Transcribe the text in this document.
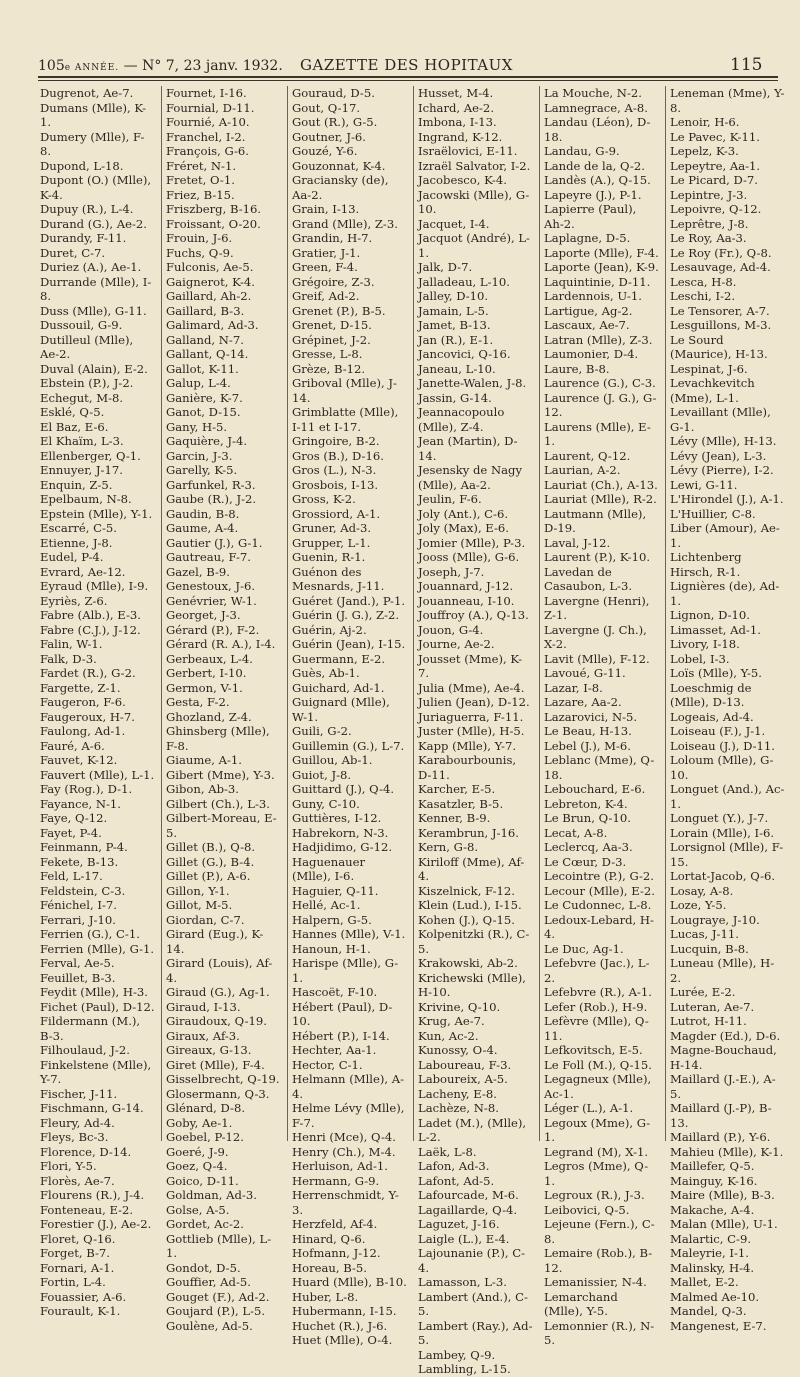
105e ANNÉE. — N° 7, 23 janv. 1932. GAZETTE DES HOPITAUX	115
Dugrenot, Ae-7.
Dumans (Mlle), K-1.
Dumery (Mlle), F-8.
Dupond, L-18.
Dupont (O.) (Mlle), K-4.
Dupuy (R.), L-4.
Durand (G.), Ae-2.
Durandy, F-11.
Duret, C-7.
Duriez (A.), Ae-1.
Durrande (Mlle), I-8.
Duss (Mlle), G-11.
Dussouil, G-9.
Dutilleul (Mlle), Ae-2.
Duval (Alain), E-2.
Ebstein (P.), J-2.
Echegut, M-8.
Esklé, Q-5.
El Baz, E-6.
El Khaïm, L-3.
Ellenberger, Q-1.
Ennuyer, J-17.
Enquin, Z-5.
Epelbaum, N-8.
Epstein (Mlle), Y-1.
Escarré, C-5.
Etienne, J-8.
Eudel, P-4.
Evrard, Ae-12.
Eyraud (Mlle), I-9.
Eyriès, Z-6.
Fabre (Alb.), E-3.
Fabre (C.J.), J-12.
Falin, W-1.
Falk, D-3.
Fardet (R.), G-2.
Fargette, Z-1.
Faugeron, F-6.
Faugeroux, H-7.
Faulong, Ad-1.
Fauré, A-6.
Fauvet, K-12.
Fauvert (Mlle), L-1.
Fay (Rog.), D-1.
Fayance, N-1.
Faye, Q-12.
Fayet, P-4.
Feinmann, P-4.
Fekete, B-13.
Feld, L-17.
Feldstein, C-3.
Fénichel, I-7.
Ferrari, J-10.
Ferrien (G.), C-1.
Ferrien (Mlle), G-1.
Ferval, Ae-5.
Feuillet, B-3.
Feydit (Mlle), H-3.
Fichet (Paul), D-12.
Fildermann (M.), B-3.
Filhoulaud, J-2.
Finkelstene (Mlle), Y-7.
Fischer, J-11.
Fischmann, G-14.
Fleury, Ad-4.
Fleys, Bc-3.
Florence, D-14.
Flori, Y-5.
Florès, Ae-7.
Flourens (R.), J-4.
Fonteneau, E-2.
Forestier (J.), Ae-2.
Floret, Q-16.
Forget, B-7.
Fornari, A-1.
Fortin, L-4.
Fouassier, A-6.
Fourault, K-1.
Fournet, I-16.
Fournial, D-11.
Fournié, A-10.
Franchel, I-2.
François, G-6.
Fréret, N-1.
Fretet, O-1.
Friez, B-15.
Friszberg, B-16.
Froissant, O-20.
Frouin, J-6.
Fuchs, Q-9.
Fulconis, Ae-5.
Gaignerot, K-4.
Gaillard, Ah-2.
Gaillard, B-3.
Galimard, Ad-3.
Galland, N-7.
Gallant, Q-14.
Gallot, K-11.
Galup, L-4.
Ganière, K-7.
Ganot, D-15.
Gany, H-5.
Gaquière, J-4.
Garcin, J-3.
Garelly, K-5.
Garfunkel, R-3.
Gaube (R.), J-2.
Gaudin, B-8.
Gaume, A-4.
Gautier (J.), G-1.
Gautreau, F-7.
Gazel, B-9.
Genestoux, J-6.
Genévrier, W-1.
Georget, J-3.
Gérard (P.), F-2.
Gérard (R. A.), I-4.
Gerbeaux, L-4.
Gerbert, I-10.
Germon, V-1.
Gesta, F-2.
Ghozland, Z-4.
Ghinsberg (Mlle), F-8.
Giaume, A-1.
Gibert (Mme), Y-3.
Gibon, Ab-3.
Gilbert (Ch.), L-3.
Gilbert-Moreau, E-5.
Gillet (B.), Q-8.
Gillet (G.), B-4.
Gillet (P.), A-6.
Gillon, Y-1.
Gillot, M-5.
Giordan, C-7.
Girard (Eug.), K-14.
Girard (Louis), Af-4.
Giraud (G.), Ag-1.
Giraud, I-13.
Giraudoux, Q-19.
Giraux, Af-3.
Gireaux, G-13.
Giret (Mlle), F-4.
Gisselbrecht, Q-19.
Glosermann, Q-3.
Glénard, D-8.
Goby, Ae-1.
Goebel, P-12.
Goeré, J-9.
Goez, Q-4.
Goico, D-11.
Goldman, Ad-3.
Golse, A-5.
Gordet, Ac-2.
Gottlieb (Mlle), L-1.
Gondot, D-5.
Gouffier, Ad-5.
Gouget (F.), Ad-2.
Goujard (P.), L-5.
Goulène, Ad-5.
Gouraud, D-5.
Gout, Q-17.
Gout (R.), G-5.
Goutner, J-6.
Gouzé, Y-6.
Gouzonnat, K-4.
Graciansky (de), Aa-2.
Grain, I-13.
Grand (Mlle), Z-3.
Grandin, H-7.
Gratier, J-1.
Green, F-4.
Grégoire, Z-3.
Greif, Ad-2.
Grenet (P.), B-5.
Grenet, D-15.
Grépinet, J-2.
Gresse, L-8.
Grèze, B-12.
Griboval (Mlle), J-14.
Grimblatte (Mlle), I-11 et I-17.
Gringoire, B-2.
Gros (B.), D-16.
Gros (L.), N-3.
Grosbois, I-13.
Gross, K-2.
Grossiord, A-1.
Gruner, Ad-3.
Grupper, L-1.
Guenin, R-1.
Guénon des Mesnards, J-11.
Guéret (Jand.), P-1.
Guérin (J. G.), Z-2.
Guérin, Aj-2.
Guérin (Jean), I-15.
Guermann, E-2.
Guès, Ab-1.
Guichard, Ad-1.
Guignard (Mlle), W-1.
Guili, G-2.
Guillemin (G.), L-7.
Guillou, Ab-1.
Guiot, J-8.
Guittard (J.), Q-4.
Guny, C-10.
Guttières, I-12.
Habrekorn, N-3.
Hadjidimo, G-12.
Haguenauer (Mlle), I-6.
Haguier, Q-11.
Hellé, Ac-1.
Halpern, G-5.
Hannes (Mlle), V-1.
Hanoun, H-1.
Harispe (Mlle), G-1.
Hascoët, F-10.
Hébert (Paul), D-10.
Hébert (P.), I-14.
Hechter, Aa-1.
Hector, C-1.
Helmann (Mlle), A-4.
Helme Lévy (Mlle), F-7.
Henri (Mce), Q-4.
Henry (Ch.), M-4.
Herluison, Ad-1.
Hermann, G-9.
Herrenschmidt, Y-3.
Herzfeld, Af-4.
Hinard, Q-6.
Hofmann, J-12.
Horeau, B-5.
Huard (Mlle), B-10.
Huber, L-8.
Hubermann, I-15.
Huchet (R.), J-6.
Huet (Mlle), O-4.
Husset, M-4.
Ichard, Ae-2.
Imbona, I-13.
Ingrand, K-12.
Israëlovici, E-11.
Izraël Salvator, I-2.
Jacobesco, K-4.
Jacowski (Mlle), G-10.
Jacquet, I-4.
Jacquot (André), L-1.
Jalk, D-7.
Jalladeau, L-10.
Jalley, D-10.
Jamain, L-5.
Jamet, B-13.
Jan (R.), E-1.
Jancovici, Q-16.
Janeau, L-10.
Janette-Walen, J-8.
Jassin, G-14.
Jeannacopoulo (Mlle), Z-4.
Jean (Martin), D-14.
Jesensky de Nagy (Mlle), Aa-2.
Jeulin, F-6.
Joly (Ant.), C-6.
Joly (Max), E-6.
Jomier (Mlle), P-3.
Jooss (Mlle), G-6.
Joseph, J-7.
Jouannard, J-12.
Jouanneau, I-10.
Jouffroy (A.), Q-13.
Jouon, G-4.
Journe, Ae-2.
Jousset (Mme), K-7.
Julia (Mme), Ae-4.
Julien (Jean), D-12.
Juriaguerra, F-11.
Juster (Mlle), H-5.
Kapp (Mlle), Y-7.
Karabourbounis, D-11.
Karcher, E-5.
Kasatzler, B-5.
Kenner, B-9.
Kerambrun, J-16.
Kern, G-8.
Kiriloff (Mme), Af-4.
Kiszelnick, F-12.
Klein (Lud.), I-15.
Kohen (J.), Q-15.
Kolpenitzki (R.), C-5.
Krakowski, Ab-2.
Krichewski (Mlle), H-10.
Krivine, Q-10.
Krug, Ae-7.
Kun, Ac-2.
Kunossy, O-4.
Laboureau, F-3.
Laboureix, A-5.
Lacheny, E-8.
Lachèze, N-8.
Ladet (M.), (Mlle), L-2.
Laëk, L-8.
Lafon, Ad-3.
Lafont, Ad-5.
Lafourcade, M-6.
Lagaillarde, Q-4.
Laguzet, J-16.
Laigle (L.), E-4.
Lajounanie (P.), C-4.
Lamasson, L-3.
Lambert (And.), C-5.
Lambert (Ray.), Ad-5.
Lambey, Q-9.
Lambling, L-15.
La Mouche, N-2.
Lamnegrace, A-8.
Landau (Léon), D-18.
Landau, G-9.
Lande de la, Q-2.
Landès (A.), Q-15.
Lapeyre (J.), P-1.
Lapierre (Paul), Ah-2.
Laplagne, D-5.
Laporte (Mlle), F-4.
Laporte (Jean), K-9.
Laquintinie, D-11.
Lardennois, U-1.
Lartigue, Ag-2.
Lascaux, Ae-7.
Latran (Mlle), Z-3.
Laumonier, D-4.
Laure, B-8.
Laurence (G.), C-3.
Laurence (J. G.), G-12.
Laurens (Mlle), E-1.
Laurent, Q-12.
Laurian, A-2.
Lauriat (Ch.), A-13.
Lauriat (Mlle), R-2.
Lautmann (Mlle), D-19.
Laval, J-12.
Laurent (P.), K-10.
Lavedan de Casaubon, L-3.
Lavergne (Henri), Z-1.
Lavergne (J. Ch.), X-2.
Lavit (Mlle), F-12.
Lavoué, G-11.
Lazar, I-8.
Lazare, Aa-2.
Lazarovici, N-5.
Le Beau, H-13.
Lebel (J.), M-6.
Leblanc (Mme), Q-18.
Lebouchard, E-6.
Lebreton, K-4.
Le Brun, Q-10.
Lecat, A-8.
Leclercq, Aa-3.
Le Cœur, D-3.
Lecointre (P.), G-2.
Lecour (Mlle), E-2.
Le Cudonnec, L-8.
Ledoux-Lebard, H-4.
Le Duc, Ag-1.
Lefebvre (Jac.), L-2.
Lefebvre (R.), A-1.
Lefer (Rob.), H-9.
Lefèvre (Mlle), Q-11.
Lefkovitsch, E-5.
Le Foll (M.), Q-15.
Legagneux (Mlle), Ac-1.
Léger (L.), A-1.
Legoux (Mme), G-1.
Legrand (M), X-1.
Legros (Mme), Q-1.
Legroux (R.), J-3.
Leibovici, Q-5.
Lejeune (Fern.), C-8.
Lemaire (Rob.), B-12.
Lemanissier, N-4.
Lemarchand (Mlle), Y-5.
Lemonnier (R.), N-5.
Leneman (Mme), Y-8.
Lenoir, H-6.
Le Pavec, K-11.
Lepelz, K-3.
Lepeytre, Aa-1.
Le Picard, D-7.
Lepintre, J-3.
Lepoivre, Q-12.
Leprêtre, J-8.
Le Roy, Aa-3.
Le Roy (Fr.), Q-8.
Lesauvage, Ad-4.
Lesca, H-8.
Leschi, I-2.
Le Tensorer, A-7.
Lesguillons, M-3.
Le Sourd (Maurice), H-13.
Lespinat, J-6.
Levachkevitch (Mme), L-1.
Levaillant (Mlle), G-1.
Lévy (Mlle), H-13.
Lévy (Jean), L-3.
Lévy (Pierre), I-2.
Lewi, G-11.
L'Hirondel (J.), A-1.
L'Huillier, C-8.
Liber (Amour), Ae-1.
Lichtenberg Hirsch, R-1.
Lignières (de), Ad-1.
Lignon, D-10.
Limasset, Ad-1.
Livory, I-18.
Lobel, I-3.
Loïs (Mlle), Y-5.
Loeschmig de (Mlle), D-13.
Logeais, Ad-4.
Loiseau (F.), J-1.
Loiseau (J.), D-11.
Loloum (Mlle), G-10.
Longuet (And.), Ac-1.
Longuet (Y.), J-7.
Lorain (Mlle), I-6.
Lorsignol (Mlle), F-15.
Lortat-Jacob, Q-6.
Losay, A-8.
Loze, Y-5.
Lougraye, J-10.
Lucas, J-11.
Lucquin, B-8.
Luneau (Mlle), H-2.
Lurée, E-2.
Luteran, Ae-7.
Lutrot, H-11.
Magder (Ed.), D-6.
Magne-Bouchaud, H-14.
Maillard (J.-E.), A-5.
Maillard (J.-P), B-13.
Maillard (P.), Y-6.
Mahieu (Mlle), K-1.
Maillefer, Q-5.
Mainguy, K-16.
Maire (Mlle), B-3.
Makache, A-4.
Malan (Mlle), U-1.
Malartic, C-9.
Maleyrie, I-1.
Malinsky, H-4.
Mallet, E-2.
Malmed Ae-10.
Mandel, Q-3.
Mangenest, E-7.
